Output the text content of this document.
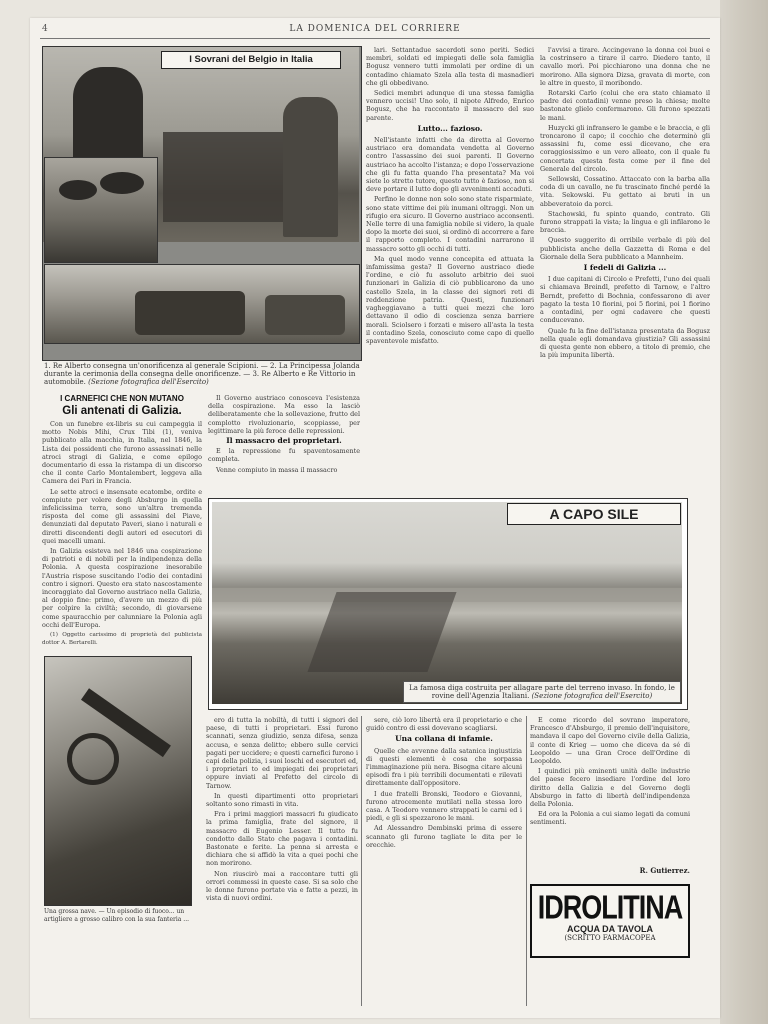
4	LA DOMENICA DEL CORRIERE
I Sovrani del Belgio in Italia
1. Re Alberto consegna un'onorificenza al generale Scipioni. — 2. La Principessa Jolanda durante la cerimonia della consegna delle onorificenze. — 3. Re Alberto e Re Vittorio in automobile. (Sezione fotografica dell'Esercito)
I CARNEFICI CHE NON MUTANO
Gli antenati di Galizia.

Con un funebre ex-libris su cui campeggia il motto Nobis Mihi, Crux Tibi (1), veniva pubblicato alla macchia, in Italia, nel 1846, la Lista dei possidenti che furono assassinati nelle atroci stragi di Galizia, e come epilogo documentario di essa la ristampa di un discorso che il conte Carlo Montalembert, leggeva alla Camera dei Pari in Francia.

Le sette atroci e insensate ecatombe, ordite e compiute per volere degli Absburgo in quella infelicissima terra, sono un'altra tremenda risposta del come gli assassini del Piave, denunziati dal deputato Paveri, siano i naturali e diretti discendenti degli autori ed esecutori di quei macelli umani.

In Galizia esisteva nel 1846 una cospirazione di patrioti e di nobili per la indipendenza della Polonia. A questa cospirazione inesorabile l'Austria rispose suscitando l'odio dei contadini contro i signori. Questo era stato nascostamente incoraggiato dal Governo austriaco nella Galizia, al doppio fine: primo, d'avere un mezzo di più per colpire la civiltà; secondo, di giovarsene come spauracchio per calunniare la Polonia agli occhi dell'Europa.

(1) Oggetto carissimo di proprietà del publicista dottor A. Bertarelli.

Il Governo austriaco conosceva l'esistenza della cospirazione. Ma esso la lasciò deliberatamente che la sollevazione, frutto del complotto rivoluzionario, scoppiasse, per legittimare la più feroce delle repressioni.

Il massacro dei proprietari.

E la repressione fu spaventosamente completa.

Venne compiuto in massa il massacro

lari. Settantadue sacerdoti sono periti. Sedici membri, soldati ed impiegati delle sola famiglia Bogusz vennero tutti immolati per ordine di un contadino chiamato Szela alla testa di masnadieri che gli obbedivano.

Sedici membri adunque di una stessa famiglia vennero uccisi! Uno solo, il nipote Alfredo, Enrico Bogusz, che ha raccontato il massacro del suo parente.

Lutto... fazioso.

Nell'istante infatti che da diretta al Governo austriaco era domandata vendetta al Governo contro l'assassino dei suoi parenti. Il Governo austriaco ha accolto l'istanza; e dopo l'osservazione che gli fu fatta quando l'ha presentata? Ma voi siete lo stretto tutore, questo tutto è fazioso, non si deve portare il lutto dopo gli avvenimenti accaduti.

Perfino le donne non solo sono state risparmiate, sono state vittime dei più inumani oltraggi. Non un rifugio era sicuro. Il Governo austriaco acconsentì. Nelle terre di una famiglia nobile si videro, la quale dopo la morte dei suoi, si ordinò di accorrere a fare il rapporto completo. I contadini narrarono il massacro sotto gli occhi di tutti.

Ma quel modo venne concepita ed attuata la infamissima gesta? Il Governo austriaco diede l'ordine, e ciò fu assoluto arbitrio dei suoi funzionari in Galizia di ciò pubblicarono da uno castello Szela, in la classe dei signori reti di reddenzione patria. Questi, funzionari vagheggiavano a tutti quei mezzi che loro dettavano il odio di coscienza senza barriere morali. Sciolsero i forzati e misero all'asta la testa il contadino Szela, conosciuto come capo di quello spaventevole misfatto.

l'avvisi a tirare. Accingevano la donna coi buoi e la costrinsero a tirare il carro. Diedero tanto, il cavallo morì. Poi picchiarono una donna che ne morirono. Alla signora Dizsa, gravata di morte, con le altre in questo, il moribondo.

Rotarski Carlo (colui che era stato chiamato il padre dei contadini) venne preso la chiesa; molte bastonate glielo confermarono. Gli furono spezzati le mani.

Huzycki gli infransero le gambe e le braccia, e gli troncarono il capo; il cocchio che determinò gli assassini fu, come essi dicevano, che era coraggiosissimo e un vero alleato, con il quale fu concertata questa festa come per il fine del Generale del circolo.

Sellowski, Cossatino. Attaccato con la barba alla coda di un cavallo, ne fu trascinato finché perdé la vita. Sekowski. Fu gettato ai bruti in un abbeveratoio da porci.

Stachowski, fu spinto quando, contrato. Gli furono strappati la vista; la lingua e gli infilarono le braccia.

Questo suggerito di orribile verbale di più del pubblicista anche della Gazzetta di Roma e del Giornale della Sera pubblicato a Mannheim.

I fedeli di Galizia ...

I due capitani di Circolo e Prefetti, l'uno dei quali si chiamava Breindl, prefetto di Tarnow, e l'altro Berndt, prefetto di Bochnia, confessarono di aver pagato la testa 10 fiorini, poi 5 fiorini, poi 1 fiorino a contadini, per ogni cadavere che questi conducevano.

Quale fu la fine dell'istanza presentata da Bogusz nella quale egli domandava giustizia? Gli assassini di questa gente non ebbero, a titolo di premio, che la più impunita libertà.

A CAPO SILE
La famosa diga costruita per allagare parte del terreno invaso. In fondo, le rovine dell'Agenzia Italiani. (Sezione fotografica dell'Esercito)
Una grossa nave. — Un episodio di fuoco... un artigliere a grosso calibro con la sua fanteria ...

ero di tutta la nobiltà, di tutti i signori del paese, di tutti i proprietari. Essi furono scannati, senza giudizio, senza difesa, senza accusa, e senza delitto; ebbero sulle cervici pagati per uccidere; e questi carnefici furono i capi della polizia, i suoi loschi ed esecutori ed, i proprietari to ed impiegati dei proprietari oppure inviati al Prefetto del circolo di Tarnow.

In questi dipartimenti otto proprietari soltanto sono rimasti in vita.

Fra i primi maggiori massacri fu giudicato la prima famiglia, frate del signore, il massacro di Eugenio Lesser. Il tutto fu condotto dallo Stato che pagava i contadini. Bastonate e ferite. La penna si arresta e dichiara che si affidò la vita a quei pochi che non morirono.

Non riuscirò mai a raccontare tutti gli orrori commessi in queste case. Si sa solo che le donne furono portate via e fatte a pezzi, in vista di nuovi ordini.

sere, ciò loro libertà era il proprietario e che guidò contro di essi dovevano scagliarsi.

Una collana di infamie.

Quelle che avvenne dalla satanica ingiustizia di questi elementi è cosa che sorpassa l'immaginazione più nera. Bisogna citare alcuni episodi fra i più terribili documentati e rilevati direttamente dall'oppositore.

I due fratelli Bronski, Teodoro e Giovanni, furono atrocemente mutilati nella stessa loro casa. A Teodoro vennero strappati le carni ed i piedi, e gli si spezzarono le mani.

Ad Alessandro Dembinski prima di essere scannato gli furono tagliate le dita per le orecchie.

E come ricordo del sovrano imperatore, Francesco d'Absburgo, il premio dell'inquisitore, mandava il capo del Governo civile della Galizia, il conte di Krieg — uomo che diceva da sé di Leopoldo — una Gran Croce dell'Ordine di Leopoldo.

I quindici più eminenti unità delle industrie del paese fecero insediare l'ordine del loro diritto della Galizia e del Governo degli Absburgo in fatto di libertà dell'indipendenza della Polonia.

Ed ora la Polonia a cui siamo legati da comuni sentimenti.

R. Gutierrez.
IDROLITINA
ACQUA DA TAVOLA
(SCRITTO FARMACOPEA
